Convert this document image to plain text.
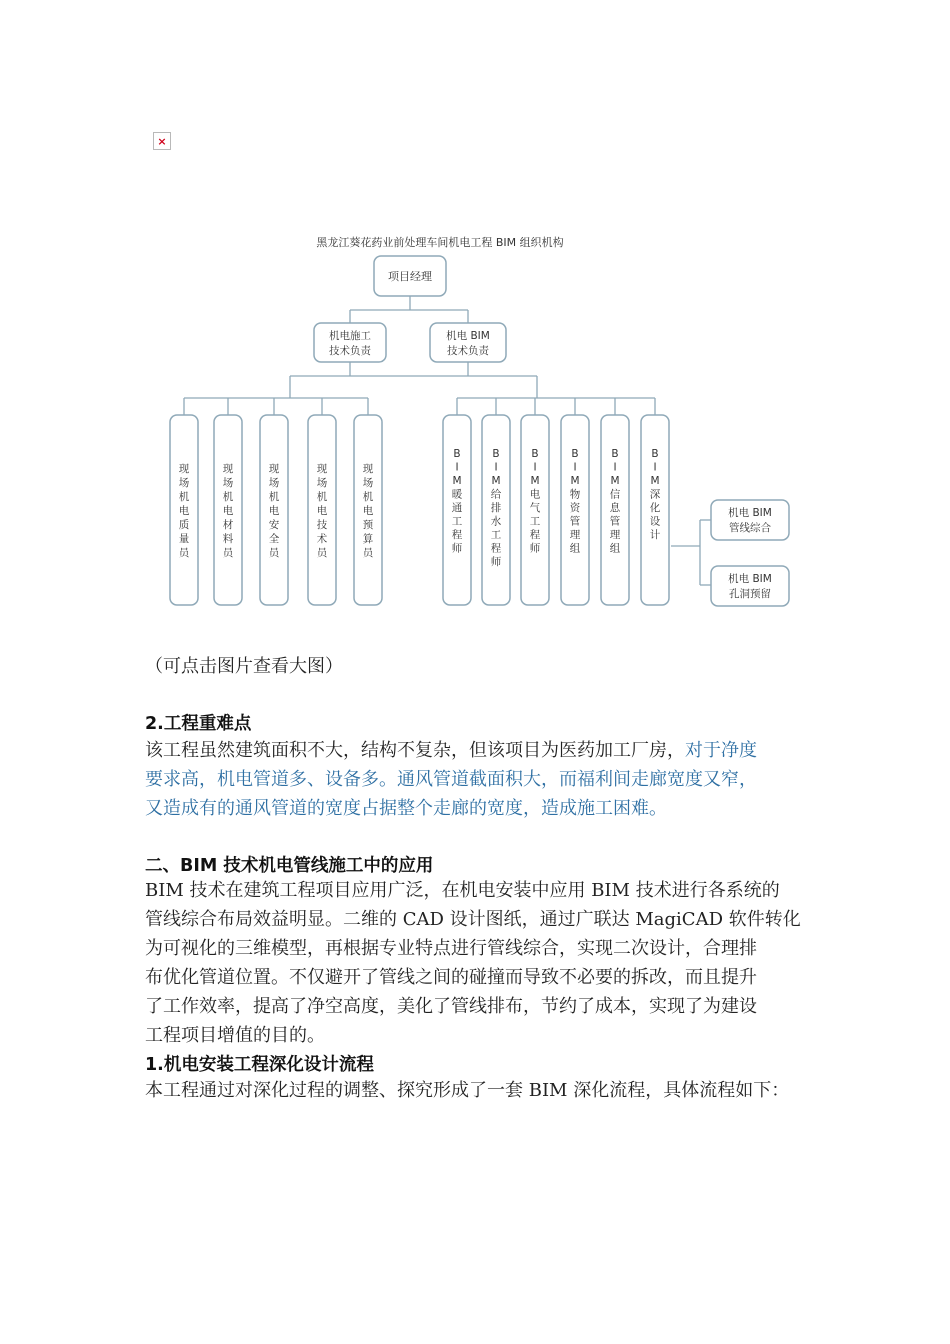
×
黑龙江葵花药业前处理车间机电工程 BIM 组织机构
项目经理
机电施工
技术负责
机电 BIM
技术负责
现
场
机
电
质
量
员
现
场
机
电
材
料
员
现
场
机
电
安
全
员
现
场
机
电
技
术
员
现
场
机
电
预
算
员
B
I
M
暖
通
工
程
师
B
I
M
给
排
水
工
程
师
B
I
M
电
气
工
程
师
B
I
M
物
资
管
理
组
B
I
M
信
息
管
理
组
B
I
M
深
化
设
计
机电 BIM
管线综合
机电 BIM
孔洞预留
（可点击图片查看大图）
2.工程重难点
该工程虽然建筑面积不大，结构不复杂，但该项目为医药加工厂房，对于净度
要求高，机电管道多、设备多。通风管道截面积大，而福利间走廊宽度又窄，
又造成有的通风管道的宽度占据整个走廊的宽度，造成施工困难。
二、BIM 技术机电管线施工中的应用
BIM 技术在建筑工程项目应用广泛，在机电安装中应用 BIM 技术进行各系统的
管线综合布局效益明显。二维的 CAD 设计图纸，通过广联达 MagiCAD 软件转化
为可视化的三维模型，再根据专业特点进行管线综合，实现二次设计，合理排
布优化管道位置。不仅避开了管线之间的碰撞而导致不必要的拆改，而且提升
了工作效率，提高了净空高度，美化了管线排布，节约了成本，实现了为建设
工程项目增值的目的。
1.机电安装工程深化设计流程
本工程通过对深化过程的调整、探究形成了一套 BIM 深化流程，具体流程如下：
